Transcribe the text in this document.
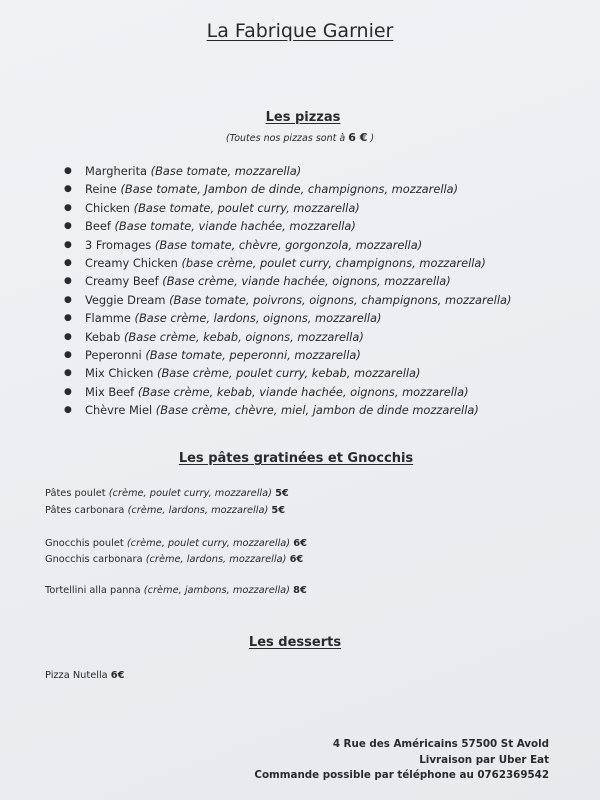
La Fabrique Garnier
Les pizzas
(Toutes nos pizzas sont à 6 € )
● Margherita (Base tomate, mozzarella)
● Reine (Base tomate, Jambon de dinde, champignons, mozzarella)
● Chicken (Base tomate, poulet curry, mozzarella)
● Beef (Base tomate, viande hachée, mozzarella)
● 3 Fromages (Base tomate, chèvre, gorgonzola, mozzarella)
● Creamy Chicken (base crème, poulet curry, champignons, mozzarella)
● Creamy Beef (Base crème, viande hachée, oignons, mozzarella)
● Veggie Dream (Base tomate, poivrons, oignons, champignons, mozzarella)
● Flamme (Base crème, lardons, oignons, mozzarella)
● Kebab (Base crème, kebab, oignons, mozzarella)
● Peperonni (Base tomate, peperonni, mozzarella)
● Mix Chicken (Base crème, poulet curry, kebab, mozzarella)
● Mix Beef (Base crème, kebab, viande hachée, oignons, mozzarella)
● Chèvre Miel (Base crème, chèvre, miel, jambon de dinde mozzarella)
Les pâtes gratinées et Gnocchis
Pâtes poulet (crème, poulet curry, mozzarella) 5€
Pâtes carbonara (crème, lardons, mozzarella) 5€
Gnocchis poulet (crème, poulet curry, mozzarella) 6€
Gnocchis carbonara (crème, lardons, mozzarella) 6€
Tortellini alla panna (crème, jambons, mozzarella) 8€
Les desserts
Pizza Nutella 6€
4 Rue des Américains 57500 St Avold
Livraison par Uber Eat
Commande possible par téléphone au 0762369542
